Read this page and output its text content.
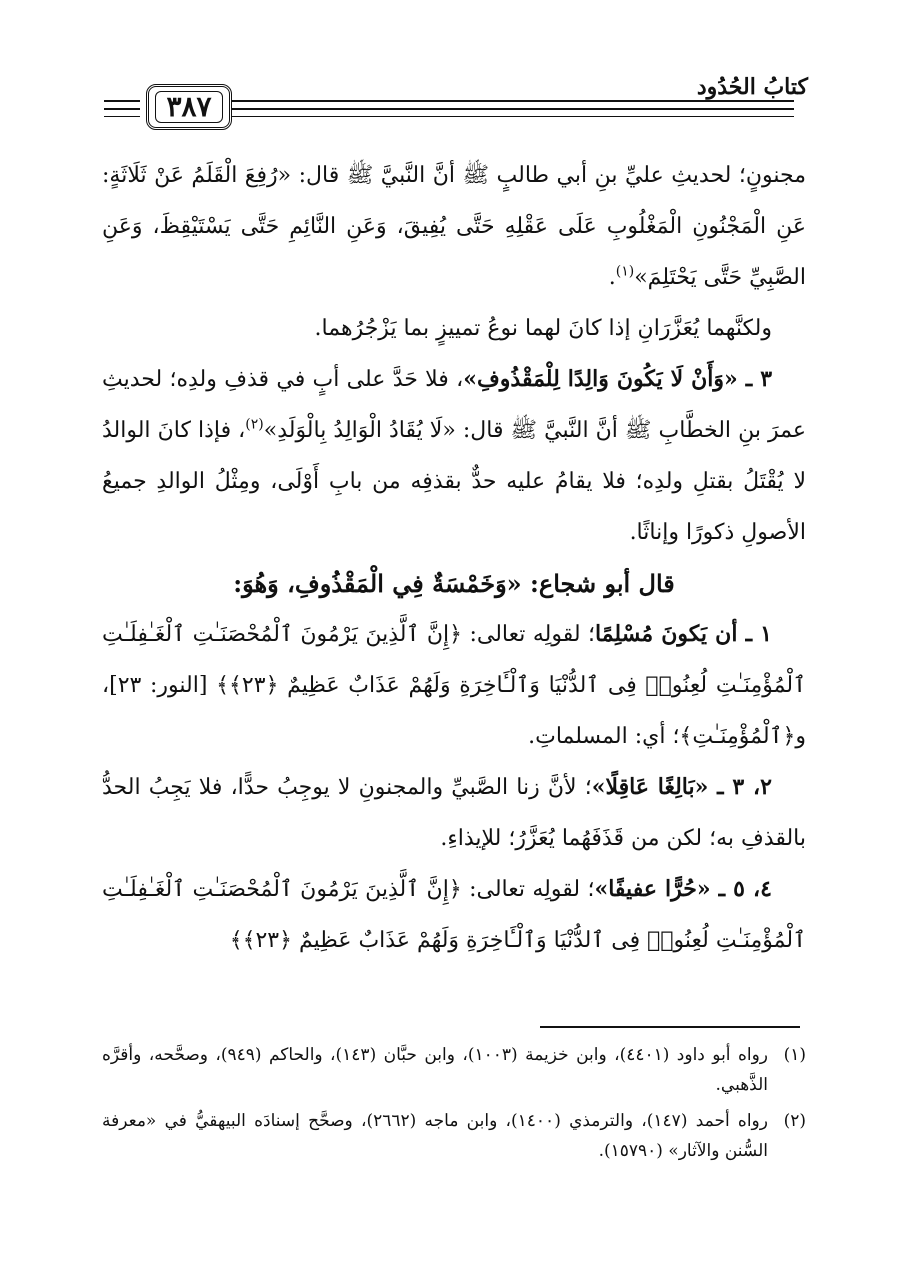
كتابُ الحُدُود
٣٨٧

مجنونٍ؛ لحديثِ عليِّ بنِ أبي طالبٍ ﷺ أنَّ النَّبيَّ ﷺ قال: «رُفِعَ الْقَلَمُ عَنْ ثَلَاثَةٍ: عَنِ الْمَجْنُونِ الْمَغْلُوبِ عَلَى عَقْلِهِ حَتَّى يُفِيقَ، وَعَنِ النَّائِمِ حَتَّى يَسْتَيْقِظَ، وَعَنِ الصَّبِيِّ حَتَّى يَحْتَلِمَ»$^{(١)}$.

ولكنَّهما يُعَزَّرَانِ إذا كانَ لهما نوعُ تمييزٍ بما يَزْجُرُهما.

٣ ـ «وَأَنْ لَا يَكُونَ وَالِدًا لِلْمَقْذُوفِ»، فلا حَدَّ على أبٍ في قذفِ ولدِه؛ لحديثِ عمرَ بنِ الخطَّابِ ﷺ أنَّ النَّبيَّ ﷺ قال: «لَا يُقَادُ الْوَالِدُ بِالْوَلَدِ»$^{(٢)}$، فإذا كانَ الوالدُ لا يُقْتَلُ بقتلِ ولدِه؛ فلا يقامُ عليه حدٌّ بقذفِه من بابِ أَوْلَى، ومِثْلُ الوالدِ جميعُ الأصولِ ذكورًا وإناثًا.

قال أبو شجاع: «وَخَمْسَةٌ فِي الْمَقْذُوفِ، وَهُوَ:

١ ـ أن يَكونَ مُسْلِمًا؛ لقولِه تعالى: ﴿إِنَّ ٱلَّذِينَ يَرْمُونَ ٱلْمُحْصَنَـٰتِ ٱلْغَـٰفِلَـٰتِ ٱلْمُؤْمِنَـٰتِ لُعِنُوا۟ فِى ٱلدُّنْيَا وَٱلْـَٔاخِرَةِ وَلَهُمْ عَذَابٌ عَظِيمٌ ﴿٢٣﴾﴾ [النور: ٢٣]، و﴿ٱلْمُؤْمِنَـٰتِ﴾؛ أي: المسلماتِ.

٢، ٣ ـ «بَالِغًا عَاقِلًا»؛ لأنَّ زنا الصَّبيِّ والمجنونِ لا يوجِبُ حدًّا، فلا يَجِبُ الحدُّ بالقذفِ به؛ لكن من قَذَفَهُما يُعَزَّرُ؛ للإيذاءِ.

٤، ٥ ـ «حُرًّا عفيفًا»؛ لقولِه تعالى: ﴿إِنَّ ٱلَّذِينَ يَرْمُونَ ٱلْمُحْصَنَـٰتِ ٱلْغَـٰفِلَـٰتِ ٱلْمُؤْمِنَـٰتِ لُعِنُوا۟ فِى ٱلدُّنْيَا وَٱلْـَٔاخِرَةِ وَلَهُمْ عَذَابٌ عَظِيمٌ ﴿٢٣﴾﴾

(١)
رواه أبو داود (٤٤٠١)، وابن خزيمة (١٠٠٣)، وابن حبَّان (١٤٣)، والحاكم (٩٤٩)، وصحَّحه، وأقرَّه الذَّهبي.

(٢)
رواه أحمد (١٤٧)، والترمذي (١٤٠٠)، وابن ماجه (٢٦٦٢)، وصحَّح إسنادَه البيهقيُّ في «معرفة السُّنن والآثار» (١٥٧٩٠).
